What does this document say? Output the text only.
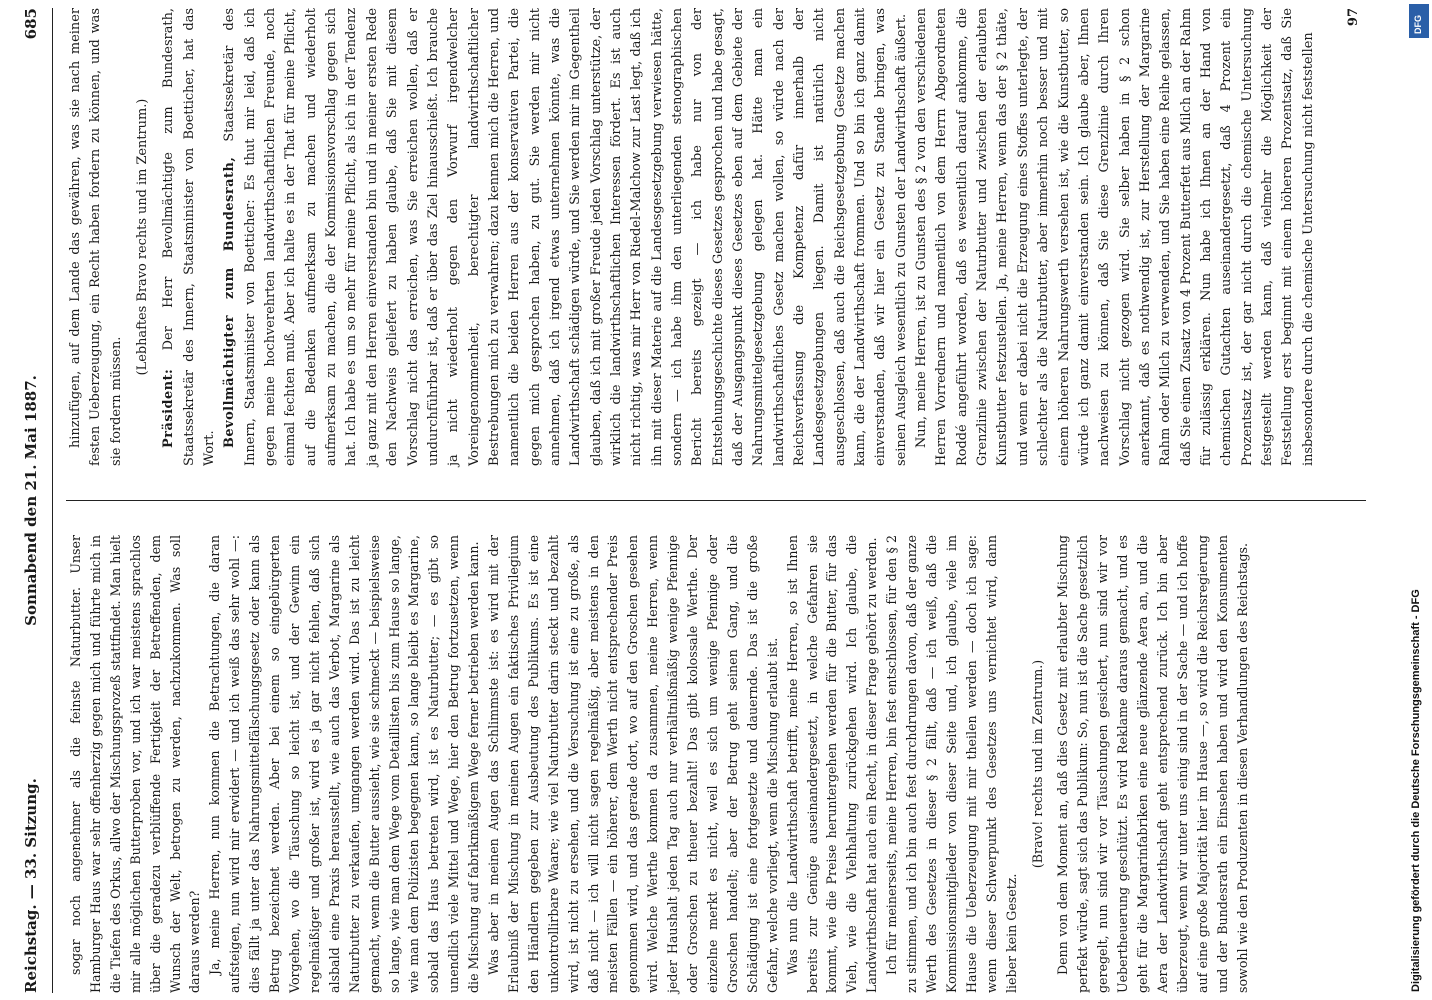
Reichstag. — 33. Sitzung.
Sonnabend den 21. Mai 1887.
685

sogar noch angenehmer als die feinste Naturbutter. Unser Hamburger Haus war sehr offenherzig gegen mich und führte mich in die Tiefen des Orkus, allwo der Mischungsprozeß stattfindet. Man hielt mir alle möglichen Butterproben vor, und ich war meistens sprachlos über die geradezu verblüffende Fertigkeit der Betreffenden, dem Wunsch der Welt, betrogen zu werden, nachzukommen. Was soll daraus werden? Ja, meine Herren, nun kommen die Betrachtungen, die daran aufsteigen, nun wird mir erwidert — und ich weiß das sehr wohl —: dies fällt ja unter das Nahrungsmittelfälschungsgesetz oder kann als Betrug bezeichnet werden. Aber bei einem so eingebürgerten Vorgehen, wo die Täuschung so leicht ist, und der Gewinn ein regelmäßiger und großer ist, wird es ja gar nicht fehlen, daß sich alsbald eine Praxis herausstellt, wie auch das Verbot, Margarine als Naturbutter zu verkaufen, umgangen werden wird. Das ist zu leicht gemacht, wenn die Butter aussieht, wie sie schmeckt — beispielsweise so lange, wie man dem Wege vom Detaillisten bis zum Hause so lange, wie man dem Polizisten begegnen kann, so lange bleibt es Margarine, sobald das Haus betreten wird, ist es Naturbutter; — es gibt so unendlich viele Mittel und Wege, hier den Betrug fortzusetzen, wenn die Mischung auf fabrikmäßigem Wege ferner betrieben werden kann. Was aber in meinen Augen das Schlimmste ist: es wird mit der Erlaubniß der Mischung in meinen Augen ein faktisches Privilegium den Händlern gegeben zur Ausbeutung des Publikums. Es ist eine unkontrollirbare Waare; wie viel Naturbutter darin steckt und bezahlt wird, ist nicht zu ersehen, und die Versuchung ist eine zu große, als daß nicht — ich will nicht sagen regelmäßig, aber meistens in den meisten Fällen — ein höherer, dem Werth nicht entsprechender Preis genommen wird, und das gerade dort, wo auf den Groschen gesehen wird. Welche Werthe kommen da zusammen, meine Herren, wenn jeder Haushalt jeden Tag auch nur verhältnißmäßig wenige Pfennige oder Groschen zu theuer bezahlt! Das gibt kolossale Werthe. Der einzelne merkt es nicht, weil es sich um wenige Pfennige oder Groschen handelt; aber der Betrug geht seinen Gang, und die Schädigung ist eine fortgesetzte und dauernde. Das ist die große Gefahr, welche vorliegt, wenn die Mischung erlaubt ist. Was nun die Landwirthschaft betrifft, meine Herren, so ist Ihnen bereits zur Genüge auseinandergesetzt, in welche Gefahren sie kommt, wie die Preise heruntergehen werden für die Butter, für das Vieh, wie die Viehhaltung zurückgehen wird. Ich glaube, die Landwirthschaft hat auch ein Recht, in dieser Frage gehört zu werden. Ich für meinerseits, meine Herren, bin fest entschlossen, für den § 2 zu stimmen, und ich bin auch fest durchdrungen davon, daß der ganze Werth des Gesetzes in dieser § 2 fällt, daß — ich weiß, daß die Kommissionsmitglieder von dieser Seite und, ich glaube, viele im Hause die Ueberzeugung mit mir theilen werden — doch ich sage: wenn dieser Schwerpunkt des Gesetzes uns vernichtet wird, dann lieber kein Gesetz.

(Bravo! rechts und im Zentrum.) Denn von dem Moment an, daß dies Gesetz mit erlaubter Mischung perfekt würde, sagt sich das Publikum: So, nun ist die Sache gesetzlich geregelt, nun sind wir vor Täuschungen gesichert, nun sind wir vor Uebertheuerung geschützt. Es wird Reklame daraus gemacht, und es geht für die Margarinfabriken eine neue glänzende Aera an, und die Aera der Landwirthschaft geht entsprechend zurück. Ich bin aber überzeugt, wenn wir unter uns einig sind in der Sache — und ich hoffe auf eine große Majorität hier im Hause —, so wird die Reichsregierung und der Bundesrath ein Einsehen haben und wird den Konsumenten sowohl wie den Produzenten in diesen Verhandlungen des Reichstags.

hinzufügen, auf dem Lande das gewähren, was sie nach meiner festen Ueberzeugung, ein Recht haben fordern zu können, und was sie fordern müssen.

(Lebhaftes Bravo rechts und im Zentrum.)

Präsident: Der Herr Bevollmächtigte zum Bundesrath, Staatssekretär des Innern, Staatsminister von Boetticher, hat das Wort.

Bevollmächtigter zum Bundesrath, Staatssekretär des Innern, Staatsminister von Boetticher: Es thut mir leid, daß ich gegen meine hochverehrten landwirthschaftlichen Freunde, noch einmal fechten muß. Aber ich halte es in der That für meine Pflicht, auf die Bedenken aufmerksam zu machen und wiederholt aufmerksam zu machen, die der Kommissionsvorschlag gegen sich hat. Ich habe es um so mehr für meine Pflicht, als ich in der Tendenz ja ganz mit den Herren einverstanden bin und in meiner ersten Rede den Nachweis geliefert zu haben glaube, daß Sie mit diesem Vorschlag nicht das erreichen, was Sie erreichen wollen, daß er undurchführbar ist, daß er über das Ziel hinausschießt. Ich brauche ja nicht wiederholt gegen den Vorwurf irgendwelcher Voreingenommenheit, berechtigter landwirthschaftlicher Bestrebungen mich zu verwahren; dazu kennen mich die Herren, und namentlich die beiden Herren aus der konservativen Partei, die gegen mich gesprochen haben, zu gut. Sie werden mir nicht annehmen, daß ich irgend etwas unternehmen könnte, was die Landwirthschaft schädigen würde, und Sie werden mir im Gegentheil glauben, daß ich mit großer Freude jeden Vorschlag unterstütze, der wirklich die landwirthschaftlichen Interessen fördert. Es ist auch nicht richtig, was mir Herr von Riedel-Malchow zur Last legt, daß ich ihn mit dieser Materie auf die Landesgesetzgebung verwiesen hätte, sondern — ich habe ihm den unterliegenden stenographischen Bericht bereits gezeigt — ich habe nur von der Entstehungsgeschichte dieses Gesetzes gesprochen und habe gesagt, daß der Ausgangspunkt dieses Gesetzes eben auf dem Gebiete der Nahrungsmittelgesetzgebung gelegen hat. Hätte man ein landwirthschaftliches Gesetz machen wollen, so würde nach der Reichsverfassung die Kompetenz dafür innerhalb der Landesgesetzgebungen liegen. Damit ist natürlich nicht ausgeschlossen, daß auch die Reichsgesetzgebung Gesetze machen kann, die der Landwirthschaft frommen. Und so bin ich ganz damit einverstanden, daß wir hier ein Gesetz zu Stande bringen, was seinen Ausgleich wesentlich zu Gunsten der Landwirthschaft äußert. Nun, meine Herren, ist zu Gunsten des § 2 von den verschiedenen Herren Vorrednern und namentlich von dem Herrn Abgeordneten Roddé angeführt worden, daß es wesentlich darauf ankomme, die Grenzlinie zwischen der Naturbutter und zwischen der erlaubten Kunstbutter festzustellen. Ja, meine Herren, wenn das der § 2 thäte, und wenn er dabei nicht die Erzeugung eines Stoffes unterlegte, der schlechter als die Naturbutter, aber immerhin noch besser und mit einem höheren Nahrungswerth versehen ist, wie die Kunstbutter, so würde ich ganz damit einverstanden sein. Ich glaube aber, Ihnen nachweisen zu können, daß Sie diese Grenzlinie durch Ihren Vorschlag nicht gezogen wird. Sie selber haben in § 2 schon anerkannt, daß es nothwendig ist, zur Herstellung der Margarine Rahm oder Milch zu verwenden, und Sie haben eine Reihe gelassen, daß Sie einen Zusatz von 4 Prozent Butterfett aus Milch an der Rahm für zulässig erklären. Nun habe ich Ihnen an der Hand von chemischen Gutachten auseinandergesetzt, daß 4 Prozent ein Prozentsatz ist, der gar nicht durch die chemische Untersuchung festgestellt werden kann, daß vielmehr die Möglichkeit der Feststellung erst beginnt mit einem höheren Prozentsatz, daß Sie insbesondere durch die chemische Untersuchung nicht feststellen

97
Digitalisierung gefördert durch die Deutsche Forschungsgemeinschaft - DFG
DFG
